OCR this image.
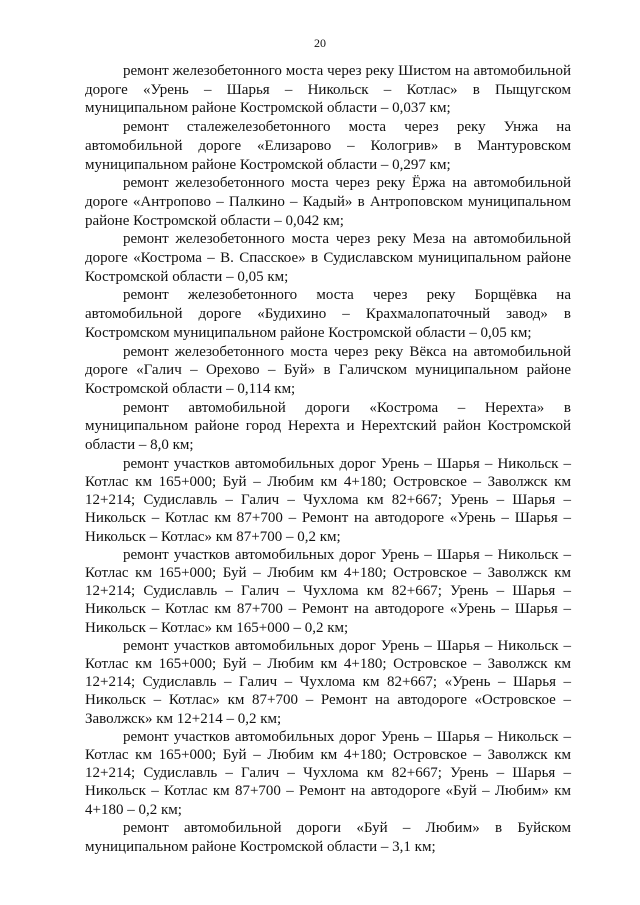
20

ремонт железобетонного моста через реку Шистом на автомобильной дороге «Урень – Шарья – Никольск – Котлас» в Пыщугском муниципальном районе Костромской области – 0,037 км;

ремонт сталежелезобетонного моста через реку Унжа на автомобильной дороге «Елизарово – Кологрив» в Мантуровском муниципальном районе Костромской области – 0,297 км;

ремонт железобетонного моста через реку Ёржа на автомобильной дороге «Антропово – Палкино – Кадый» в Антроповском муниципальном районе Костромской области – 0,042 км;

ремонт железобетонного моста через реку Меза на автомобильной дороге «Кострома – В. Спасское» в Судиславском муниципальном районе Костромской области – 0,05 км;

ремонт железобетонного моста через реку Борщёвка на автомобильной дороге «Будихино – Крахмалопаточный завод» в Костромском муниципальном районе Костромской области – 0,05 км;

ремонт железобетонного моста через реку Вёкса на автомобильной дороге «Галич – Орехово – Буй» в Галичском муниципальном районе Костромской области – 0,114 км;

ремонт автомобильной дороги «Кострома – Нерехта» в муниципальном районе город Нерехта и Нерехтский район Костромской области – 8,0 км;

ремонт участков автомобильных дорог Урень – Шарья – Никольск – Котлас км 165+000; Буй – Любим км 4+180; Островское – Заволжск км 12+214; Судиславль – Галич – Чухлома км 82+667; Урень – Шарья – Никольск – Котлас км 87+700 – Ремонт на автодороге «Урень – Шарья – Никольск – Котлас» км 87+700 – 0,2 км;

ремонт участков автомобильных дорог Урень – Шарья – Никольск – Котлас км 165+000; Буй – Любим км 4+180; Островское – Заволжск км 12+214; Судиславль – Галич – Чухлома км 82+667; Урень – Шарья – Никольск – Котлас км 87+700 – Ремонт на автодороге «Урень – Шарья – Никольск – Котлас» км 165+000 – 0,2 км;

ремонт участков автомобильных дорог Урень – Шарья – Никольск – Котлас км 165+000; Буй – Любим км 4+180; Островское – Заволжск км 12+214; Судиславль – Галич – Чухлома км 82+667; «Урень – Шарья – Никольск – Котлас» км 87+700 – Ремонт на автодороге «Островское – Заволжск» км 12+214 – 0,2 км;

ремонт участков автомобильных дорог Урень – Шарья – Никольск – Котлас км 165+000; Буй – Любим км 4+180; Островское – Заволжск км 12+214; Судиславль – Галич – Чухлома км 82+667; Урень – Шарья – Никольск – Котлас км 87+700 – Ремонт на автодороге «Буй – Любим» км 4+180 – 0,2 км;

ремонт автомобильной дороги «Буй – Любим» в Буйском муниципальном районе Костромской области – 3,1 км;
